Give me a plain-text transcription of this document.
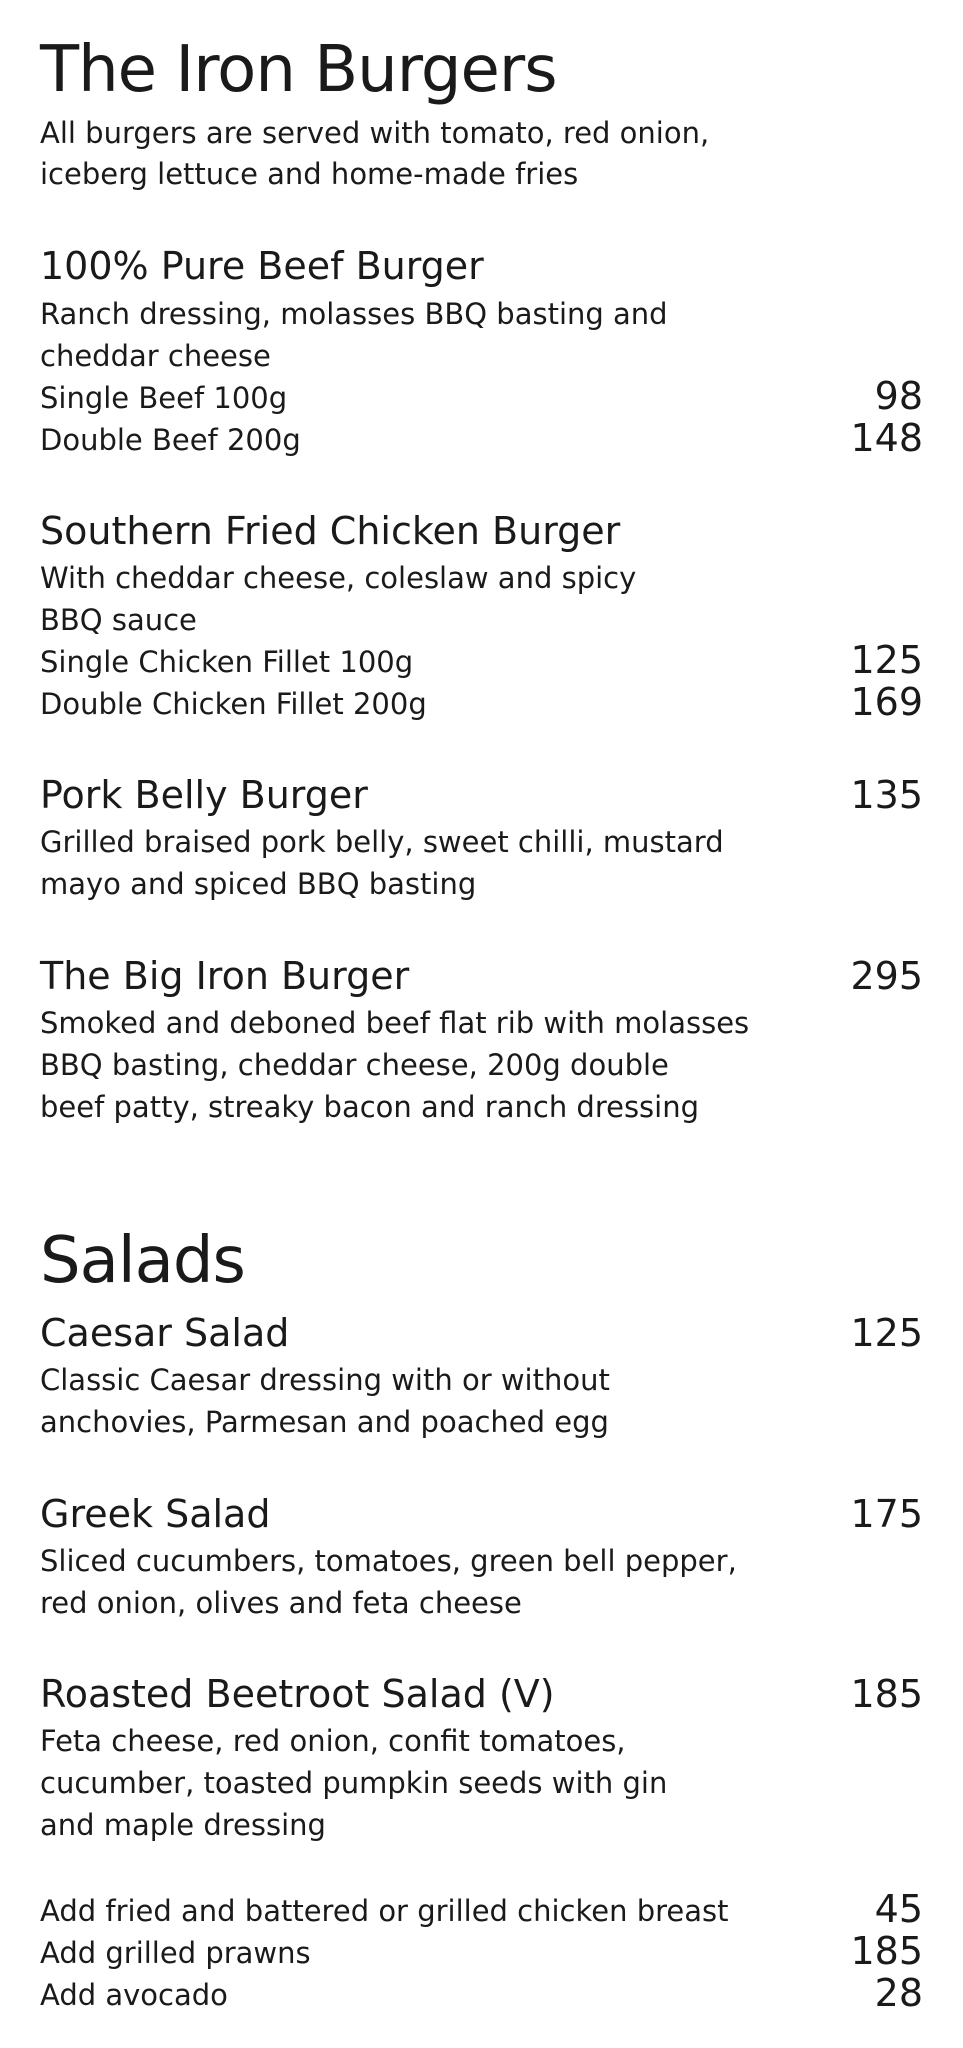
The Iron Burgers
All burgers are served with tomato, red onion,
iceberg lettuce and home-made fries
100% Pure Beef Burger
Ranch dressing, molasses BBQ basting and
cheddar cheese
Single Beef 100g	98
Double Beef 200g	148
Southern Fried Chicken Burger
With cheddar cheese, coleslaw and spicy
BBQ sauce
Single Chicken Fillet 100g	125
Double Chicken Fillet 200g	169
Pork Belly Burger	135
Grilled braised pork belly, sweet chilli, mustard
mayo and spiced BBQ basting
The Big Iron Burger	295
Smoked and deboned beef flat rib with molasses
BBQ basting, cheddar cheese, 200g double
beef patty, streaky bacon and ranch dressing
Salads
Caesar Salad	125
Classic Caesar dressing with or without
anchovies, Parmesan and poached egg
Greek Salad	175
Sliced cucumbers, tomatoes, green bell pepper,
red onion, olives and feta cheese
Roasted Beetroot Salad (V)	185
Feta cheese, red onion, confit tomatoes,
cucumber, toasted pumpkin seeds with gin
and maple dressing
Add fried and battered or grilled chicken breast	45
Add grilled prawns	185
Add avocado	28
